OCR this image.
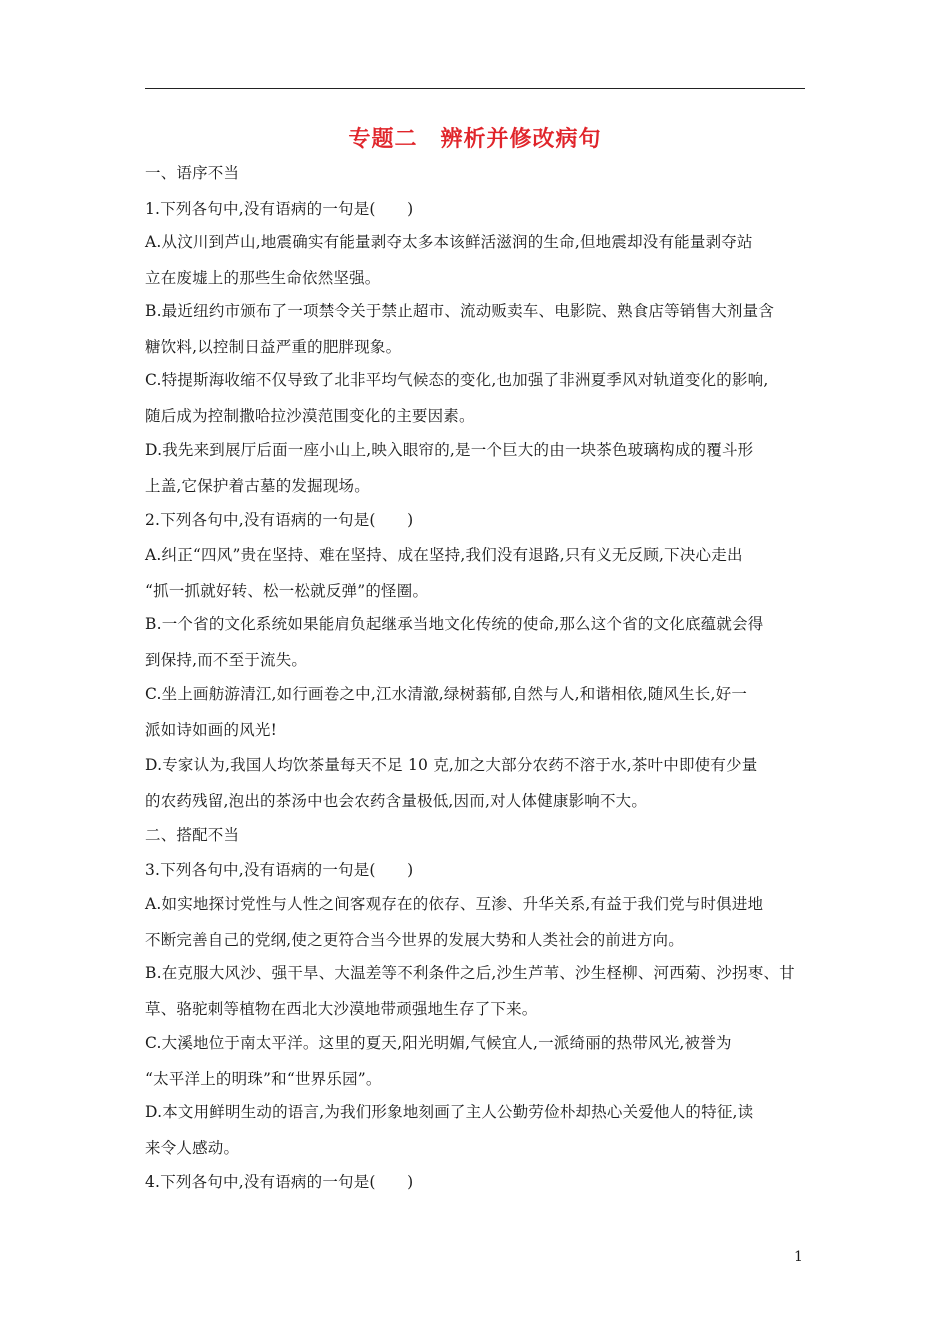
专题二　辨析并修改病句
一、语序不当
1.下列各句中,没有语病的一句是(　　)
A.从汶川到芦山,地震确实有能量剥夺太多本该鲜活滋润的生命,但地震却没有能量剥夺站
立在废墟上的那些生命依然坚强。
B.最近纽约市颁布了一项禁令关于禁止超市、流动贩卖车、电影院、熟食店等销售大剂量含
糖饮料,以控制日益严重的肥胖现象。
C.特提斯海收缩不仅导致了北非平均气候态的变化,也加强了非洲夏季风对轨道变化的影响,
随后成为控制撒哈拉沙漠范围变化的主要因素。
D.我先来到展厅后面一座小山上,映入眼帘的,是一个巨大的由一块茶色玻璃构成的覆斗形
上盖,它保护着古墓的发掘现场。
2.下列各句中,没有语病的一句是(　　)
A.纠正“四风”贵在坚持、难在坚持、成在坚持,我们没有退路,只有义无反顾,下决心走出
“抓一抓就好转、松一松就反弹”的怪圈。
B.一个省的文化系统如果能肩负起继承当地文化传统的使命,那么这个省的文化底蕴就会得
到保持,而不至于流失。
C.坐上画舫游清江,如行画卷之中,江水清澈,绿树蓊郁,自然与人,和谐相依,随风生长,好一
派如诗如画的风光!
D.专家认为,我国人均饮茶量每天不足 10 克,加之大部分农药不溶于水,茶叶中即使有少量
的农药残留,泡出的茶汤中也会农药含量极低,因而,对人体健康影响不大。
二、搭配不当
3.下列各句中,没有语病的一句是(　　)
A.如实地探讨党性与人性之间客观存在的依存、互渗、升华关系,有益于我们党与时俱进地
不断完善自己的党纲,使之更符合当今世界的发展大势和人类社会的前进方向。
B.在克服大风沙、强干旱、大温差等不利条件之后,沙生芦苇、沙生柽柳、河西菊、沙拐枣、甘
草、骆驼刺等植物在西北大沙漠地带顽强地生存了下来。
C.大溪地位于南太平洋。这里的夏天,阳光明媚,气候宜人,一派绮丽的热带风光,被誉为
“太平洋上的明珠”和“世界乐园”。
D.本文用鲜明生动的语言,为我们形象地刻画了主人公勤劳俭朴却热心关爱他人的特征,读
来令人感动。
4.下列各句中,没有语病的一句是(　　)
1
